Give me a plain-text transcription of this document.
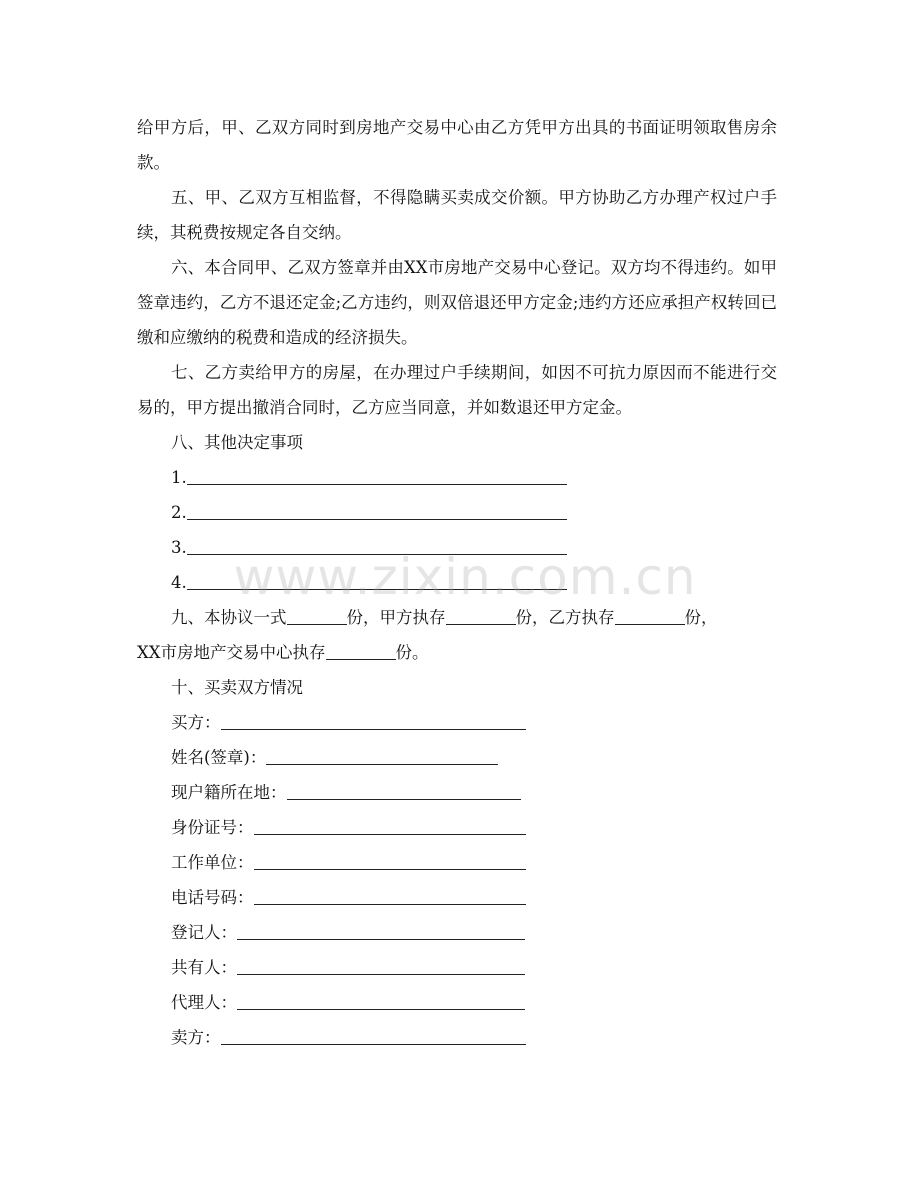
给甲方后，甲、乙双方同时到房地产交易中心由乙方凭甲方出具的书面证明领取售房余款。

五、甲、乙双方互相监督，不得隐瞒买卖成交价额。甲方协助乙方办理产权过户手续，其税费按规定各自交纳。

六、本合同甲、乙双方签章并由XX市房地产交易中心登记。双方均不得违约。如甲签章违约，乙方不退还定金;乙方违约，则双倍退还甲方定金;违约方还应承担产权转回已缴和应缴纳的税费和造成的经济损失。

七、乙方卖给甲方的房屋，在办理过户手续期间，如因不可抗力原因而不能进行交易的，甲方提出撤消合同时，乙方应当同意，并如数退还甲方定金。

八、其他决定事项

1.

2.

3.

4.

九、本协议一式	份，甲方执存	份，乙方执存	份，

XX市房地产交易中心执存	份。

十、买卖双方情况

买方：

姓名(签章)：

现户籍所在地：

身份证号：

工作单位：

电话号码：

登记人：

共有人：

代理人：

卖方：

www.zixin.com.cn
